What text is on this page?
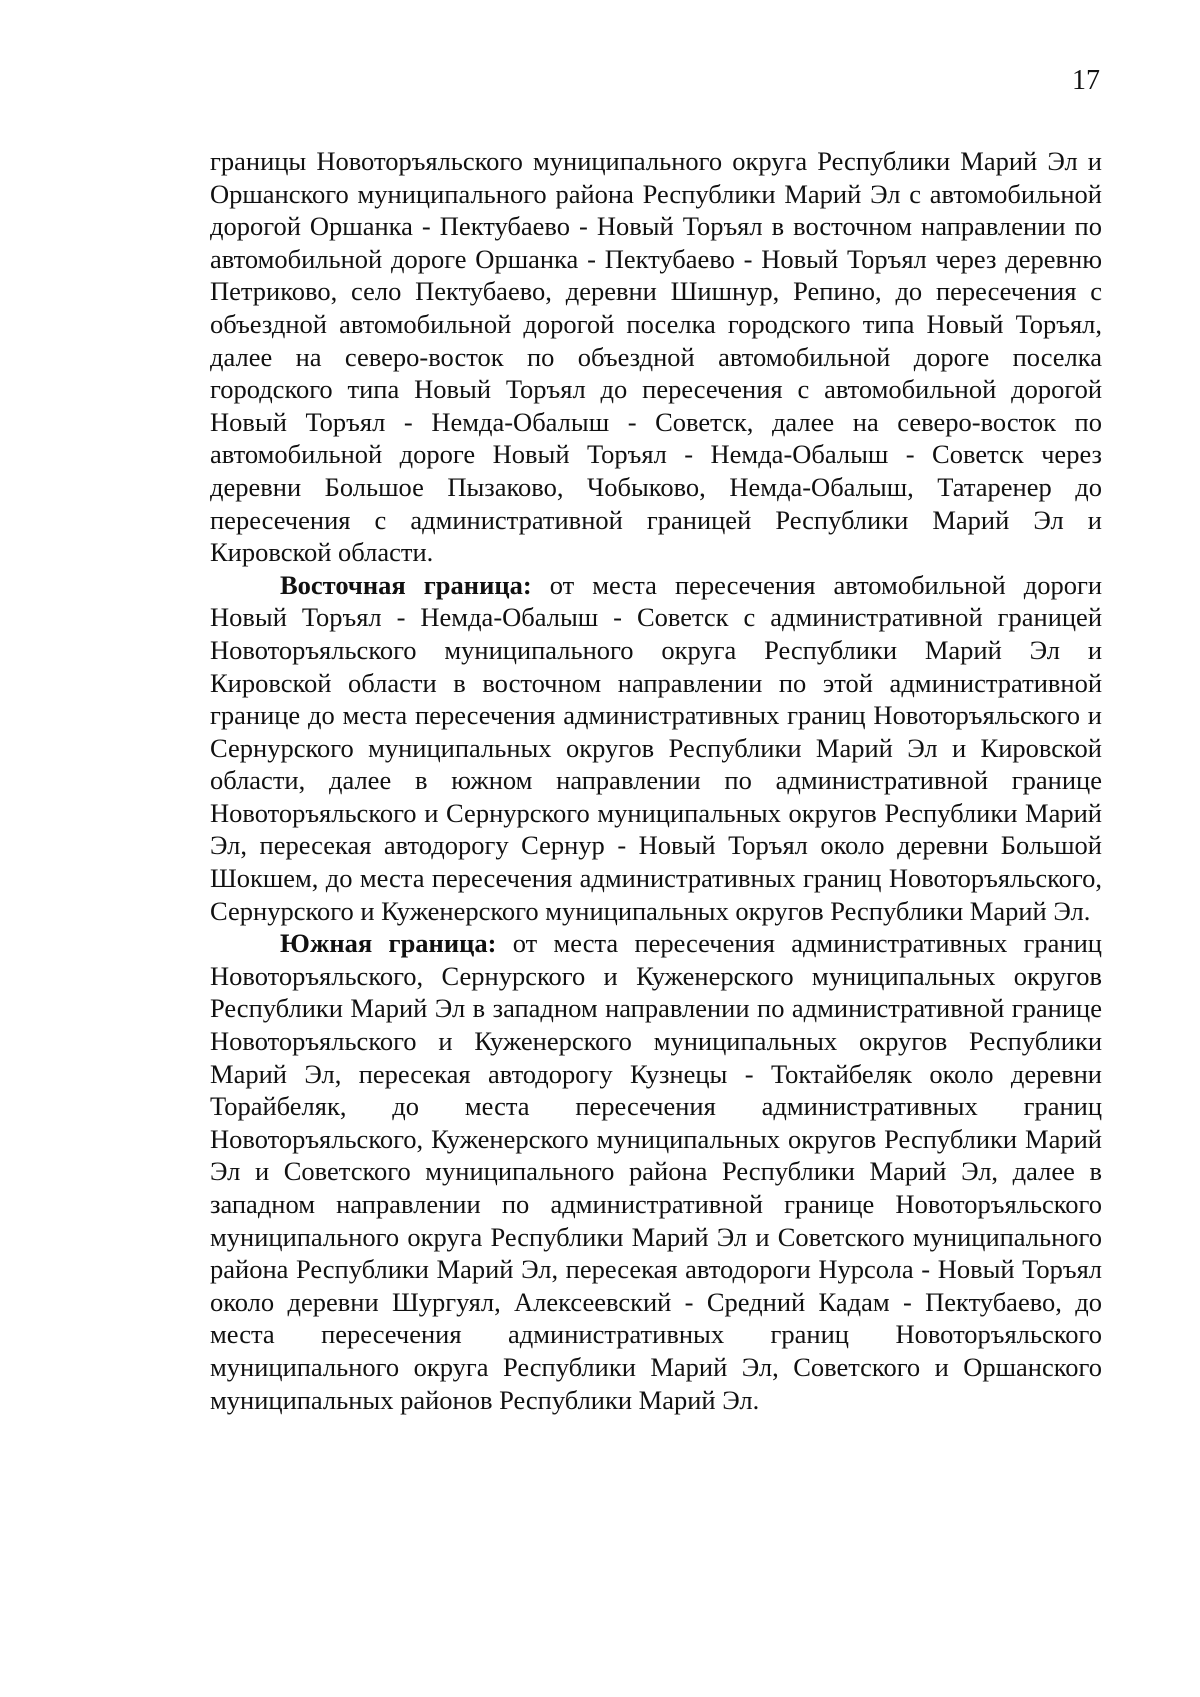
17

границы Новоторъяльского муниципального округа Республики Марий Эл и Оршанского муниципального района Республики Марий Эл с автомобильной дорогой Оршанка - Пектубаево - Новый Торъял в восточном направлении по автомобильной дороге Оршанка - Пектубаево - Новый Торъял через деревню Петриково, село Пектубаево, деревни Шишнур, Репино, до пересечения с объездной автомобильной дорогой поселка городского типа Новый Торъял, далее на северо-восток по объездной автомобильной дороге поселка городского типа Новый Торъял до пересечения с автомобильной дорогой Новый Торъял - Немда-Обалыш - Советск, далее на северо-восток по автомобильной дороге Новый Торъял - Немда-Обалыш - Советск через деревни Большое Пызаково, Чобыково, Немда-Обалыш, Татаренер до пересечения с административной границей Республики Марий Эл и Кировской области.

Восточная граница: от места пересечения автомобильной дороги Новый Торъял - Немда-Обалыш - Советск с административной границей Новоторъяльского муниципального округа Республики Марий Эл и Кировской области в восточном направлении по этой административной границе до места пересечения административных границ Новоторъяльского и Сернурского муниципальных округов Республики Марий Эл и Кировской области, далее в южном направлении по административной границе Новоторъяльского и Сернурского муниципальных округов Республики Марий Эл, пересекая автодорогу Сернур - Новый Торъял около деревни Большой Шокшем, до места пересечения административных границ Новоторъяльского, Сернурского и Куженерского муниципальных округов Республики Марий Эл.

Южная граница: от места пересечения административных границ Новоторъяльского, Сернурского и Куженерского муниципальных округов Республики Марий Эл в западном направлении по административной границе Новоторъяльского и Куженерского муниципальных округов Республики Марий Эл, пересекая автодорогу Кузнецы - Токтайбеляк около деревни Торайбеляк, до места пересечения административных границ Новоторъяльского, Куженерского муниципальных округов Республики Марий Эл и Советского муниципального района Республики Марий Эл, далее в западном направлении по административной границе Новоторъяльского муниципального округа Республики Марий Эл и Советского муниципального района Республики Марий Эл, пересекая автодороги Нурсола - Новый Торъял около деревни Шургуял, Алексеевский - Средний Кадам - Пектубаево, до места пересечения административных границ Новоторъяльского муниципального округа Республики Марий Эл, Советского и Оршанского муниципальных районов Республики Марий Эл.
